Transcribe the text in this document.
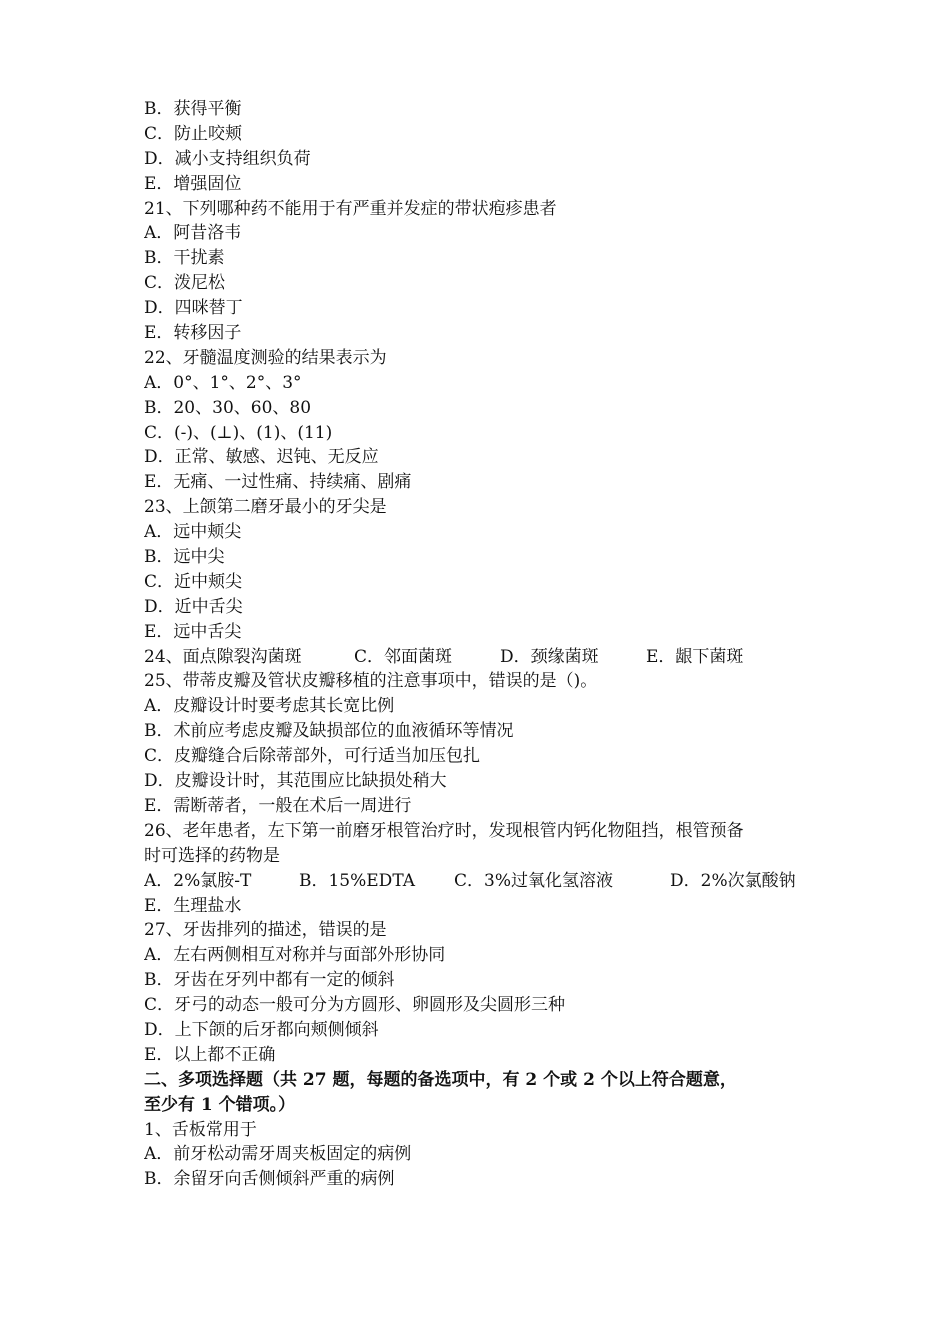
B．获得平衡
C．防止咬颊
D．减小支持组织负荷
E．增强固位
21、下列哪种药不能用于有严重并发症的带状疱疹患者
A．阿昔洛韦
B．干扰素
C．泼尼松
D．四咪替丁
E．转移因子
22、牙髓温度测验的结果表示为
A．0°、1°、2°、3°
B．20、30、60、80
C．(-)、(⊥)、(1)、(11)
D．正常、敏感、迟钝、无反应
E．无痛、一过性痛、持续痛、剧痛
23、上颌第二磨牙最小的牙尖是
A．远中颊尖
B．远中尖
C．近中颊尖
D．近中舌尖
E．远中舌尖
24、面点隙裂沟菌斑	C．邻面菌斑	D．颈缘菌斑	E．龈下菌斑
25、带蒂皮瓣及管状皮瓣移植的注意事项中，错误的是（)。
A．皮瓣设计时要考虑其长宽比例
B．术前应考虑皮瓣及缺损部位的血液循环等情况
C．皮瓣缝合后除蒂部外，可行适当加压包扎
D．皮瓣设计时，其范围应比缺损处稍大
E．需断蒂者，一般在术后一周进行
26、老年患者，左下第一前磨牙根管治疗时，发现根管内钙化物阻挡，根管预备
时可选择的药物是
A．2%氯胺-T	B．15%EDTA C．3%过氧化氢溶液	D．2%次氯酸钠
E．生理盐水
27、牙齿排列的描述，错误的是
A．左右两侧相互对称并与面部外形协同
B．牙齿在牙列中都有一定的倾斜
C．牙弓的动态一般可分为方圆形、卵圆形及尖圆形三种
D．上下颌的后牙都向颊侧倾斜
E．以上都不正确
二、多项选择题（共 27 题，每题的备选项中，有 2 个或 2 个以上符合题意，
至少有 1 个错项。）
1、舌板常用于
A．前牙松动需牙周夹板固定的病例
B．余留牙向舌侧倾斜严重的病例
